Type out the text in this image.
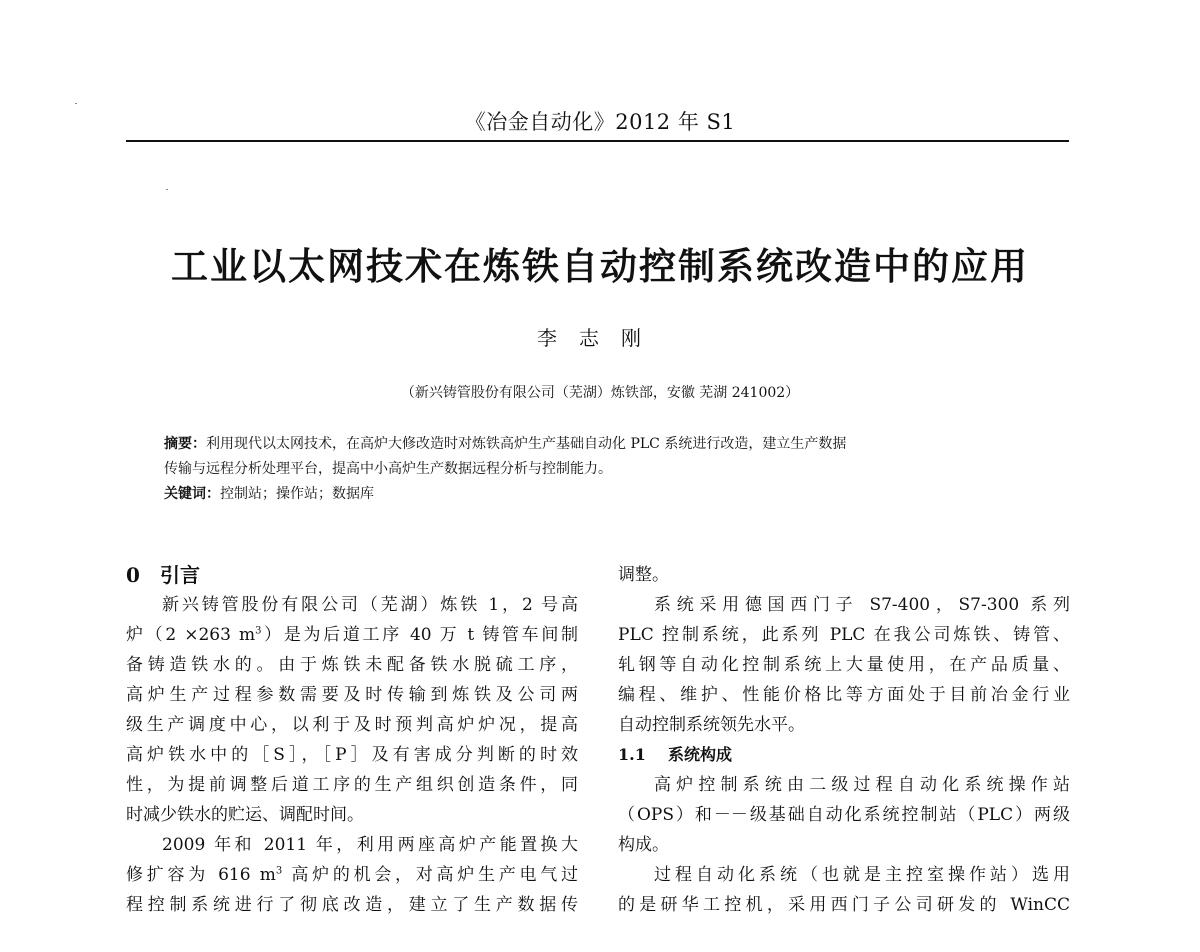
《冶金自动化》2012 年 S1
工业以太网技术在炼铁自动控制系统改造中的应用
李志刚
（新兴铸管股份有限公司（芜湖）炼铁部，安徽 芜湖 241002）
摘要：利用现代以太网技术，在高炉大修改造时对炼铁高炉生产基础自动化 PLC 系统进行改造，建立生产数据
传输与远程分析处理平台，提高中小高炉生产数据远程分析与控制能力。
关键词：控制站；操作站；数据库
0 引言
新兴铸管股份有限公司（芜湖）炼铁 1，2 号高
炉（2 ×263 $m^3$）是为后道工序 40 万 t 铸管车间制
备铸造铁水的。由于炼铁未配备铁水脱硫工序，
高炉生产过程参数需要及时传输到炼铁及公司两
级生产调度中心，以利于及时预判高炉炉况，提高
高炉铁水中的［S］，［P］及有害成分判断的时效
性，为提前调整后道工序的生产组织创造条件，同
时减少铁水的贮运、调配时间。
2009 年和 2011 年，利用两座高炉产能置换大
修扩容为 616 $m^3$ 高炉的机会，对高炉生产电气过
程控制系统进行了彻底改造，建立了生产数据传
调整。
系统采用德国西门子 S7-400，S7-300 系列
PLC 控制系统，此系列 PLC 在我公司炼铁、铸管、
轧钢等自动化控制系统上大量使用，在产品质量、
编程、维护、性能价格比等方面处于目前冶金行业
自动控制系统领先水平。
1.1 系统构成
高炉控制系统由二级过程自动化系统操作站
（OPS）和－－级基础自动化系统控制站（PLC）两级
构成。
过程自动化系统（也就是主控室操作站）选用
的是研华工控机，采用西门子公司研发的 WinCC
